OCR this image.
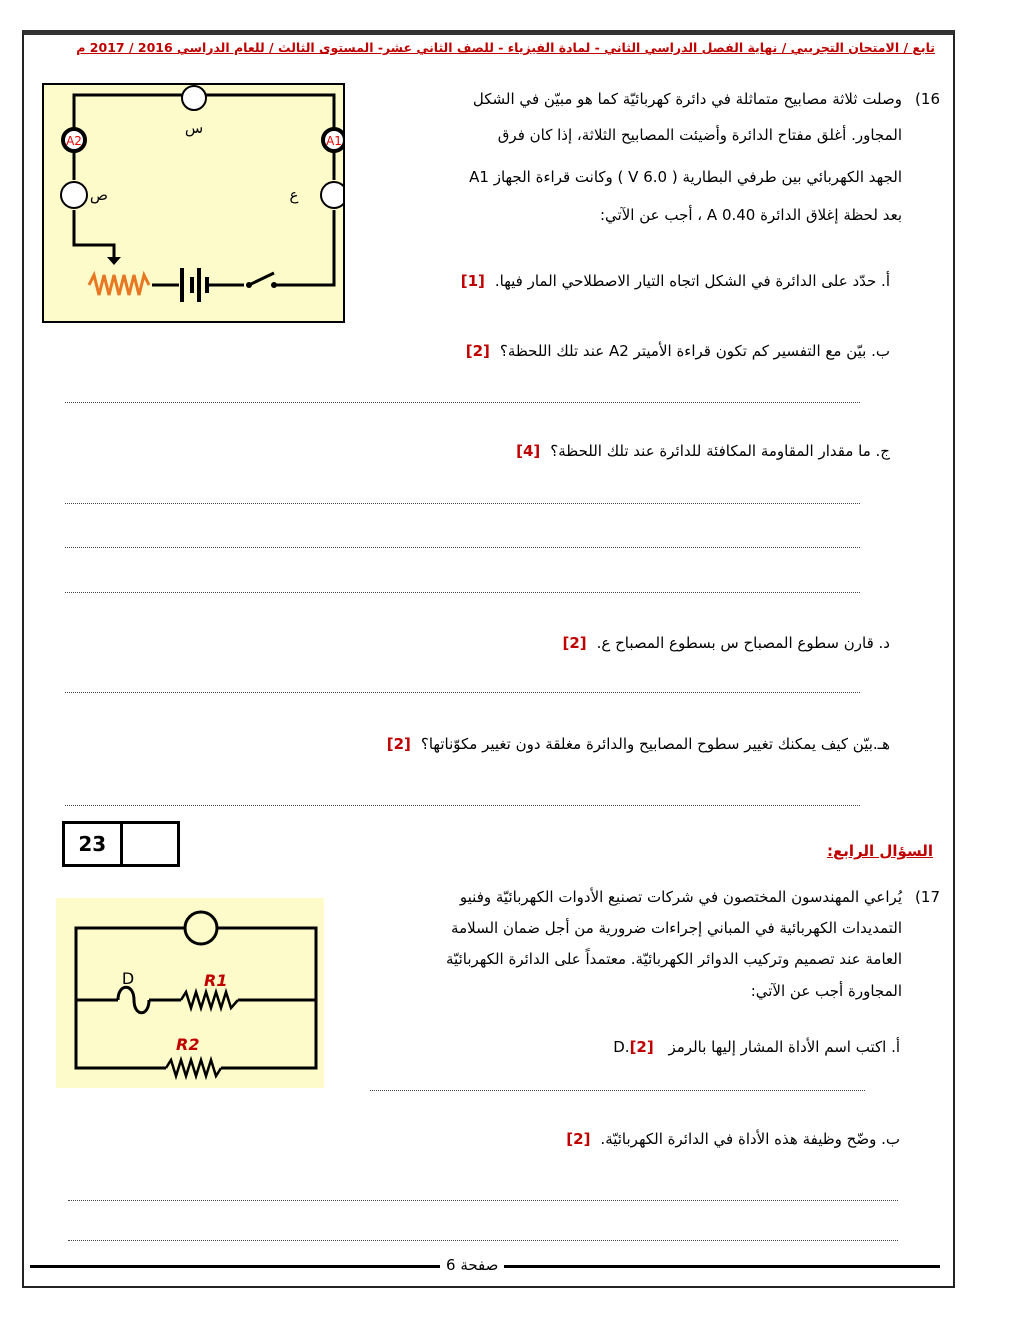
تابع / الامتحان التجريبي / نهاية الفصل الدراسي الثاني - لمادة الفيزياء - للصف الثاني عشر- المستوى الثالث / للعام الدراسي 2016 / 2017 م
16)
وصلت ثلاثة مصابيح متماثلة في دائرة كهربائيّة كما هو مبيّن في الشكل
المجاور. أغلق مفتاح الدائرة وأضيئت المصابيح الثلاثة، إذا كان فرق
الجهد الكهربائي بين طرفي البطارية ( 6.0 V ) وكانت قراءة الجهاز A1
بعد لحظة إغلاق الدائرة 0.40 A ، أجب عن الآتي:
A2	A1
س
ص	ع
أ. حدّد على الدائرة في الشكل اتجاه التيار الاصطلاحي المار فيها.[1]
ب. بيّن مع التفسير كم تكون قراءة الأميتر A2 عند تلك اللحظة؟[2]
ج. ما مقدار المقاومة المكافئة للدائرة عند تلك اللحظة؟[4]
د. قارن سطوع المصباح س بسطوع المصباح ع.[2]
هـ.بيّن كيف يمكنك تغيير سطوح المصابيح والدائرة مغلقة دون تغيير مكوّناتها؟[2]
23	السؤال الرابع:
17)
يُراعي المهندسون المختصون في شركات تصنيع الأدوات الكهربائيّة وفنيو
التمديدات الكهربائية في المباني إجراءات ضرورية من أجل ضمان السلامة
العامة عند تصميم وتركيب الدوائر الكهربائيّة. معتمداً على الدائرة الكهربائيّة
المجاورة أجب عن الآتي:
D	R1
R2	أ. اكتب اسم الأداة المشار إليها بالرمز D.[2]
ب. وضّح وظيفة هذه الأداة في الدائرة الكهربائيّة.[2]
صفحة 6
